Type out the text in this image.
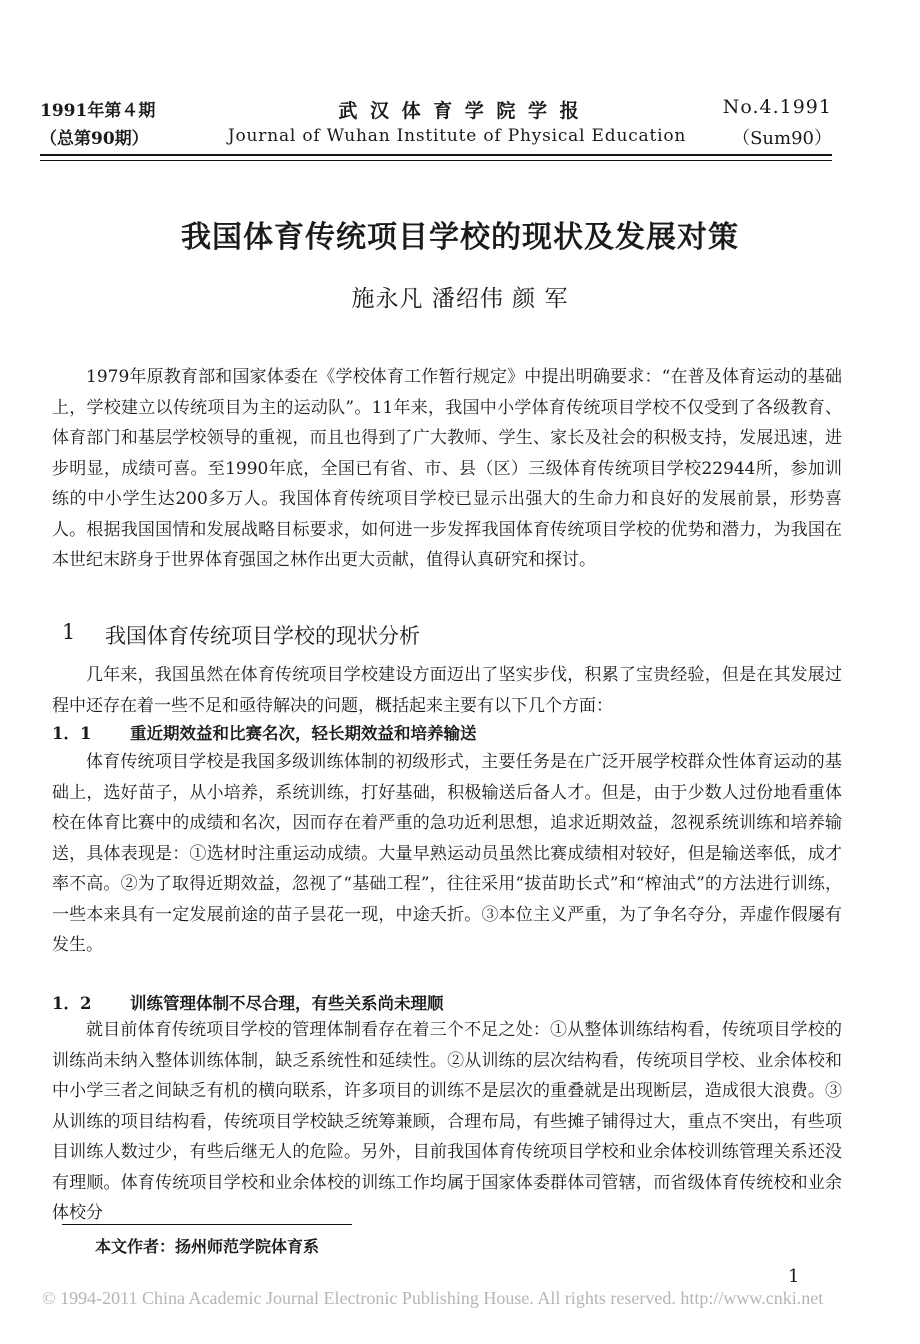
1991年第４期
（总第90期）
武 汉 体 育 学 院 学 报
Journal of Wuhan Institute of Physical Education
No.4.1991
（Sum90）
我国体育传统项目学校的现状及发展对策
施永凡 潘绍伟 颜 军

1979年原教育部和国家体委在《学校体育工作暂行规定》中提出明确要求：“在普及体育运动的基础上，学校建立以传统项目为主的运动队”。11年来，我国中小学体育传统项目学校不仅受到了各级教育、体育部门和基层学校领导的重视，而且也得到了广大教师、学生、家长及社会的积极支持，发展迅速，进步明显，成绩可喜。至1990年底，全国已有省、市、县（区）三级体育传统项目学校22944所，参加训练的中小学生达200多万人。我国体育传统项目学校已显示出强大的生命力和良好的发展前景，形势喜人。根据我国国情和发展战略目标要求，如何进一步发挥我国体育传统项目学校的优势和潜力，为我国在本世纪末跻身于世界体育强国之林作出更大贡献，值得认真研究和探讨。

1 我国体育传统项目学校的现状分析

几年来，我国虽然在体育传统项目学校建设方面迈出了坚实步伐，积累了宝贵经验，但是在其发展过程中还存在着一些不足和亟待解决的问题，概括起来主要有以下几个方面：

1．1 重近期效益和比赛名次，轻长期效益和培养输送

体育传统项目学校是我国多级训练体制的初级形式，主要任务是在广泛开展学校群众性体育运动的基础上，选好苗子，从小培养，系统训练，打好基础，积极输送后备人才。但是，由于少数人过份地看重体校在体育比赛中的成绩和名次，因而存在着严重的急功近利思想，追求近期效益，忽视系统训练和培养输送，具体表现是：①选材时注重运动成绩。大量早熟运动员虽然比赛成绩相对较好，但是输送率低，成才率不高。②为了取得近期效益，忽视了“基础工程”，往往采用“拔苗助长式”和“榨油式”的方法进行训练，一些本来具有一定发展前途的苗子昙花一现，中途夭折。③本位主义严重，为了争名夺分，弄虚作假屡有发生。

1．2 训练管理体制不尽合理，有些关系尚未理顺

就目前体育传统项目学校的管理体制看存在着三个不足之处：①从整体训练结构看，传统项目学校的训练尚未纳入整体训练体制，缺乏系统性和延续性。②从训练的层次结构看，传统项目学校、业余体校和中小学三者之间缺乏有机的横向联系，许多项目的训练不是层次的重叠就是出现断层，造成很大浪费。③从训练的项目结构看，传统项目学校缺乏统筹兼顾，合理布局，有些摊子铺得过大，重点不突出，有些项目训练人数过少，有些后继无人的危险。另外，目前我国体育传统项目学校和业余体校训练管理关系还没有理顺。体育传统项目学校和业余体校的训练工作均属于国家体委群体司管辖，而省级体育传统校和业余体校分

本文作者：扬州师范学院体育系
1
© 1994-2011 China Academic Journal Electronic Publishing House. All rights reserved. http://www.cnki.net
